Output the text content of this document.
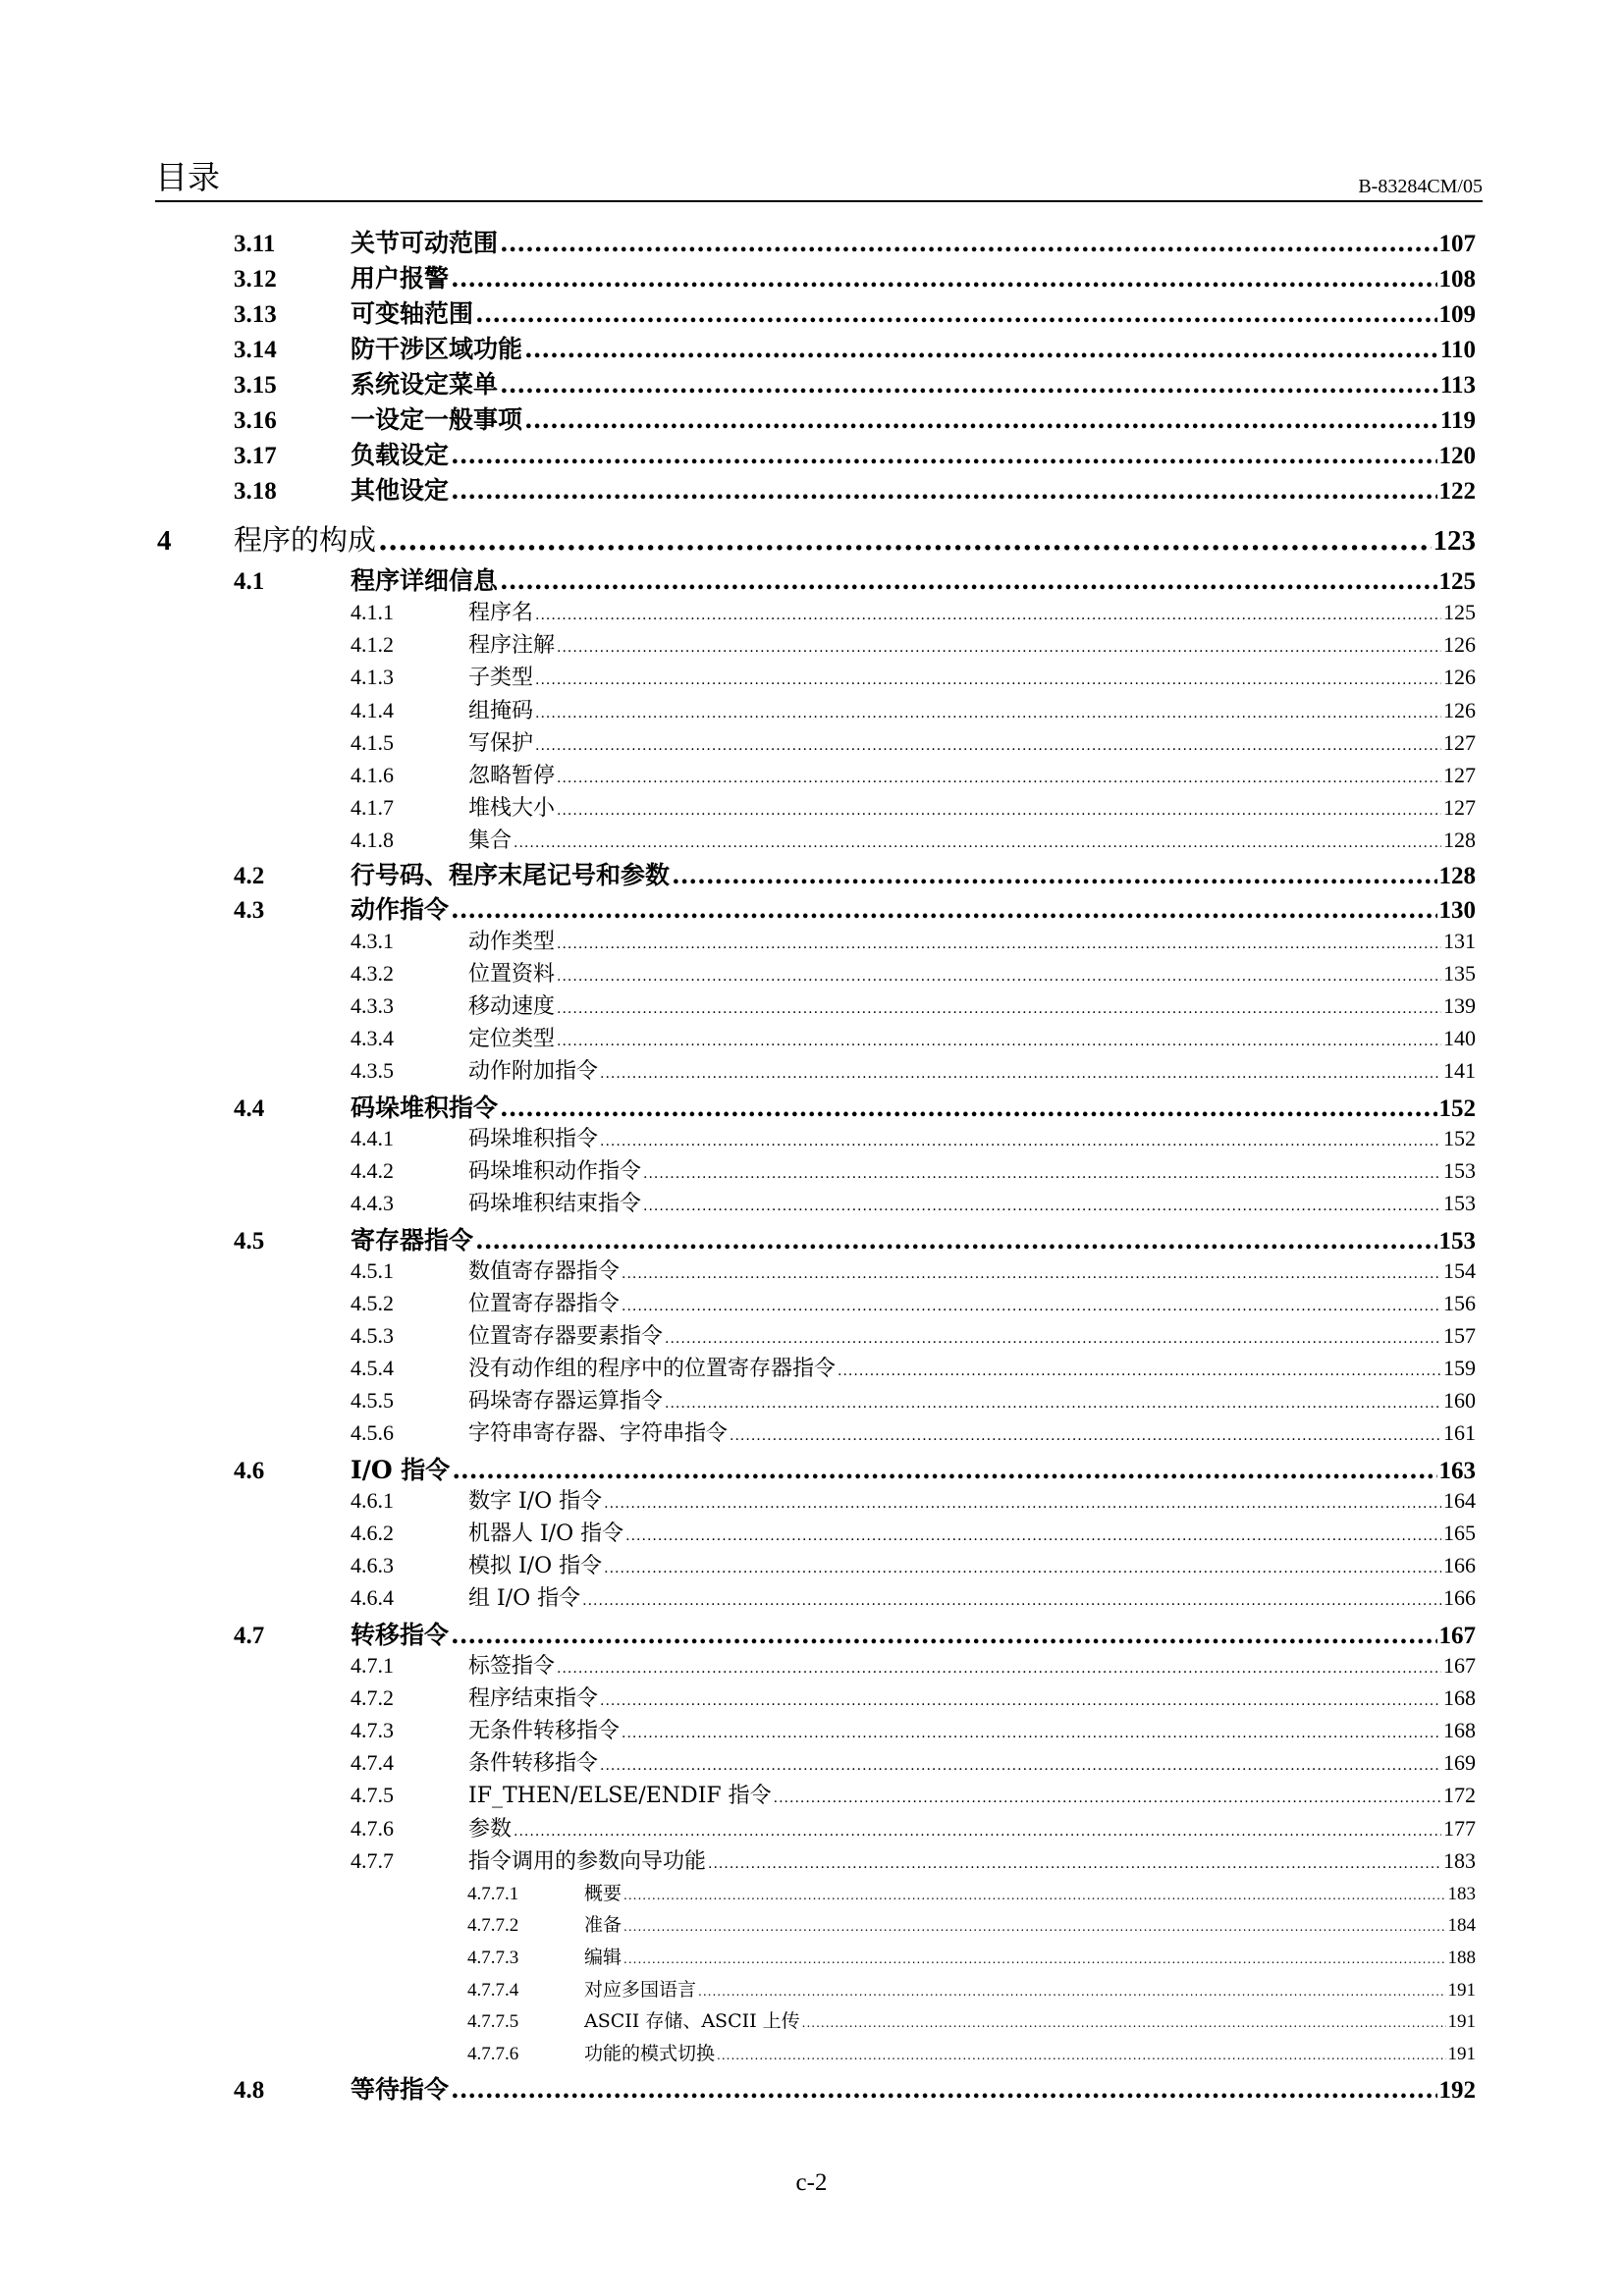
目录	B-83284CM/05
3.11	关节可动范围 .....	107
3.12	用户报警 .....	108
3.13	可变轴范围 .....	109
3.14	防干涉区域功能 .....	110
3.15	系统设定菜单 .....	113
3.16	一设定一般事项 .....	119
3.17	负载设定 .....	120
3.18	其他设定 .....	122
4	程序的构成 .....	123
4.1	程序详细信息 .....	125
4.1.1	程序名 .....	125
4.1.2	程序注解 .....	126
4.1.3	子类型 .....	126
4.1.4	组掩码 .....	126
4.1.5	写保护 .....	127
4.1.6	忽略暂停 .....	127
4.1.7	堆栈大小 .....	127
4.1.8	集合 .....	128
4.2	行号码、程序末尾记号和参数 .....	128
4.3	动作指令 .....	130
4.3.1	动作类型 .....	131
4.3.2	位置资料 .....	135
4.3.3	移动速度 .....	139
4.3.4	定位类型 .....	140
4.3.5	动作附加指令 .....	141
4.4	码垛堆积指令 .....	152
4.4.1	码垛堆积指令 .....	152
4.4.2	码垛堆积动作指令 .....	153
4.4.3	码垛堆积结束指令 .....	153
4.5	寄存器指令 .....	153
4.5.1	数值寄存器指令 .....	154
4.5.2	位置寄存器指令 .....	156
4.5.3	位置寄存器要素指令 .....	157
4.5.4	没有动作组的程序中的位置寄存器指令 .....	159
4.5.5	码垛寄存器运算指令 .....	160
4.5.6	字符串寄存器、字符串指令 .....	161
4.6	I/O 指令 .....	163
4.6.1	数字 I/O 指令 .....	164
4.6.2	机器人 I/O 指令 .....	165
4.6.3	模拟 I/O 指令 .....	166
4.6.4	组 I/O 指令 .....	166
4.7	转移指令 .....	167
4.7.1	标签指令 .....	167
4.7.2	程序结束指令 .....	168
4.7.3	无条件转移指令 .....	168
4.7.4	条件转移指令 .....	169
4.7.5	IF_THEN/ELSE/ENDIF 指令 .....	172
4.7.6	参数 .....	177
4.7.7	指令调用的参数向导功能 .....	183
4.7.7.1	概要 .....	183
4.7.7.2	准备 .....	184
4.7.7.3	编辑 .....	188
4.7.7.4	对应多国语言 .....	191
4.7.7.5	ASCII 存储、ASCII 上传 .....	191
4.7.7.6	功能的模式切换 .....	191
4.8	等待指令 .....	192
c-2
